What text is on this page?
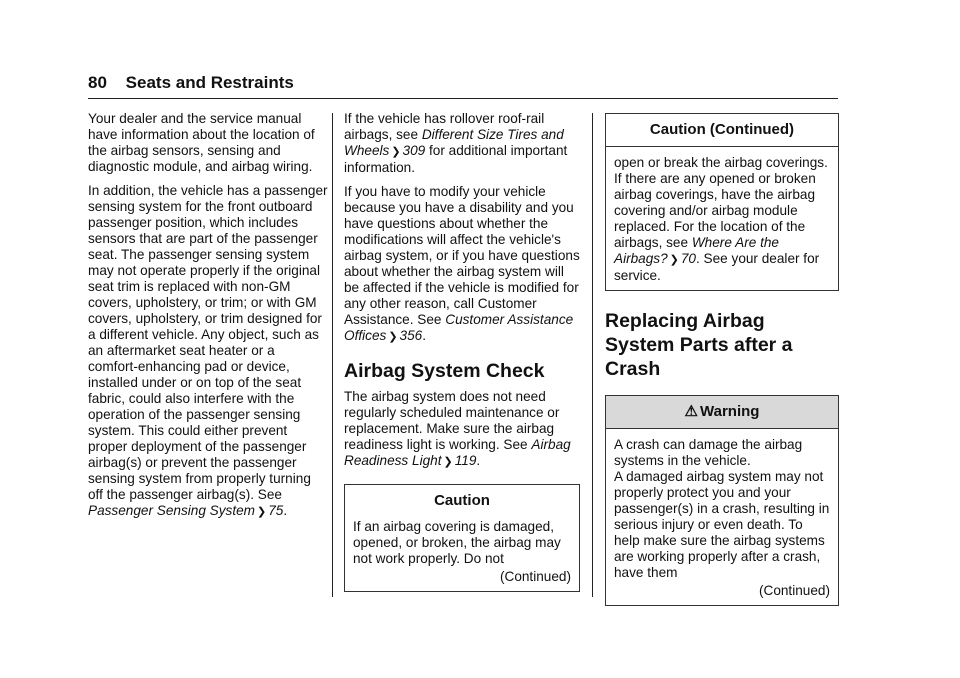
80 Seats and Restraints

Your dealer and the service manual have information about the location of the airbag sensors, sensing and diagnostic module, and airbag wiring.

In addition, the vehicle has a passenger sensing system for the front outboard passenger position, which includes sensors that are part of the passenger seat. The passenger sensing system may not operate properly if the original seat trim is replaced with non-GM covers, upholstery, or trim; or with GM covers, upholstery, or trim designed for a different vehicle. Any object, such as an aftermarket seat heater or a comfort-enhancing pad or device, installed under or on top of the seat fabric, could also interfere with the operation of the passenger sensing system. This could either prevent proper deployment of the passenger airbag(s) or prevent the passenger sensing system from properly turning off the passenger airbag(s). See Passenger Sensing System ❯ 75.

If the vehicle has rollover roof-rail airbags, see Different Size Tires and Wheels ❯ 309 for additional important information.

If you have to modify your vehicle because you have a disability and you have questions about whether the modifications will affect the vehicle's airbag system, or if you have questions about whether the airbag system will be affected if the vehicle is modified for any other reason, call Customer Assistance. See Customer Assistance Offices ❯ 356.

Airbag System Check

The airbag system does not need regularly scheduled maintenance or replacement. Make sure the airbag readiness light is working. See Airbag Readiness Light ❯ 119.

Caution

If an airbag covering is damaged, opened, or broken, the airbag may not work properly. Do not

(Continued)
Caution (Continued)

open or break the airbag coverings. If there are any opened or broken airbag coverings, have the airbag covering and/or airbag module replaced. For the location of the airbags, see Where Are the Airbags? ❯ 70. See your dealer for service.

Replacing Airbag System Parts after a Crash
⚠ Warning

A crash can damage the airbag systems in the vehicle.

A damaged airbag system may not properly protect you and your passenger(s) in a crash, resulting in serious injury or even death. To help make sure the airbag systems are working properly after a crash, have them

(Continued)
